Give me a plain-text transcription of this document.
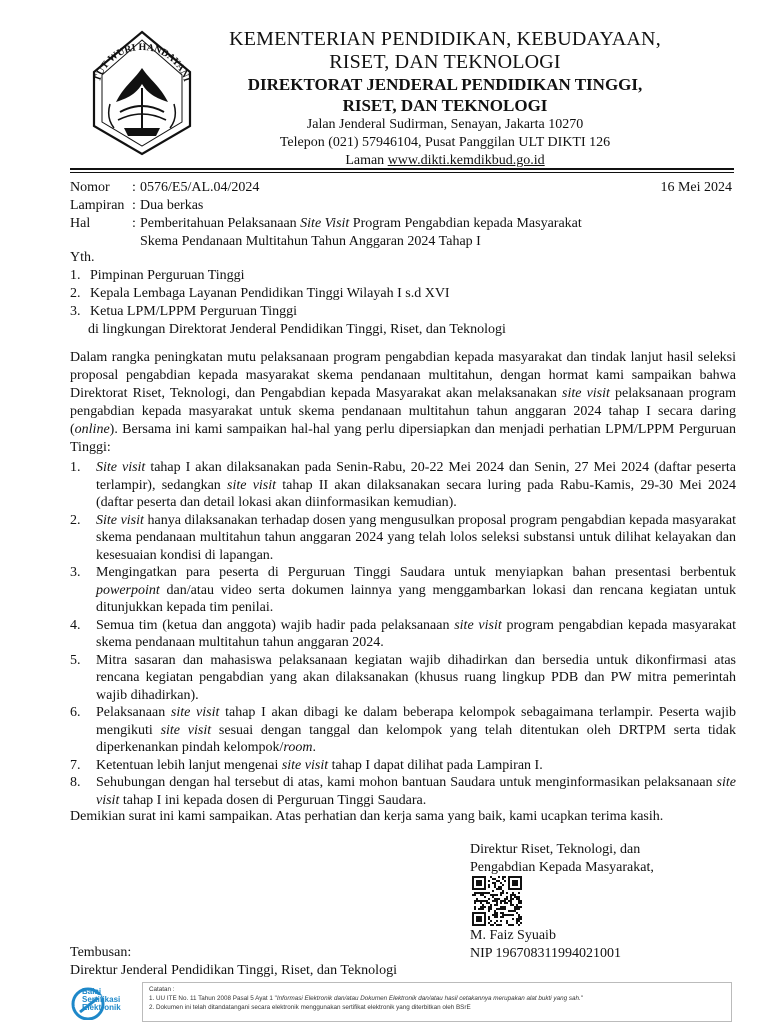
TUT WURI HANDAYANI
KEMENTERIAN PENDIDIKAN, KEBUDAYAAN,
RISET, DAN TEKNOLOGI
DIREKTORAT JENDERAL PENDIDIKAN TINGGI,
RISET, DAN TEKNOLOGI
Jalan Jenderal Sudirman, Senayan, Jakarta 10270
Telepon (021) 57946104, Pusat Panggilan ULT DIKTI 126
Laman www.dikti.kemdikbud.go.id
Nomor	: 0576/E5/AL.04/2024
Lampiran : Dua berkas
Hal	: Pemberitahuan Pelaksanaan Site Visit Program Pengabdian kepada Masyarakat
Skema Pendanaan Multitahun Tahun Anggaran 2024 Tahap I
16 Mei 2024
Yth.
1. Pimpinan Perguruan Tinggi
2. Kepala Lembaga Layanan Pendidikan Tinggi Wilayah I s.d XVI
3. Ketua LPM/LPPM Perguruan Tinggi
di lingkungan Direktorat Jenderal Pendidikan Tinggi, Riset, dan Teknologi

Dalam rangka peningkatan mutu pelaksanaan program pengabdian kepada masyarakat dan tindak lanjut hasil seleksi proposal pengabdian kepada masyarakat skema pendanaan multitahun, dengan hormat kami sampaikan bahwa Direktorat Riset, Teknologi, dan Pengabdian kepada Masyarakat akan melaksanakan site visit pelaksanaan program pengabdian kepada masyarakat untuk skema pendanaan multitahun tahun anggaran 2024 tahap I secara daring (online). Bersama ini kami sampaikan hal-hal yang perlu dipersiapkan dan menjadi perhatian LPM/LPPM Perguruan Tinggi:

1.	Site visit tahap I akan dilaksanakan pada Senin-Rabu, 20-22 Mei 2024 dan Senin, 27 Mei 2024 (daftar peserta terlampir), sedangkan site visit tahap II akan dilaksanakan secara luring pada Rabu-Kamis, 29-30 Mei 2024 (daftar peserta dan detail lokasi akan diinformasikan kemudian).
2.	Site visit hanya dilaksanakan terhadap dosen yang mengusulkan proposal program pengabdian kepada masyarakat skema pendanaan multitahun tahun anggaran 2024 yang telah lolos seleksi substansi untuk dilihat kelayakan dan kesesuaian kondisi di lapangan.
3.	Mengingatkan para peserta di Perguruan Tinggi Saudara untuk menyiapkan bahan presentasi berbentuk powerpoint dan/atau video serta dokumen lainnya yang menggambarkan lokasi dan rencana kegiatan untuk ditunjukkan kepada tim penilai.
4.	Semua tim (ketua dan anggota) wajib hadir pada pelaksanaan site visit program pengabdian kepada masyarakat skema pendanaan multitahun tahun anggaran 2024.
5.	Mitra sasaran dan mahasiswa pelaksanaan kegiatan wajib dihadirkan dan bersedia untuk dikonfirmasi atas rencana kegiatan pengabdian yang akan dilaksanakan (khusus ruang lingkup PDB dan PW mitra pemerintah wajib dihadirkan).
6.	Pelaksanaan site visit tahap I akan dibagi ke dalam beberapa kelompok sebagaimana terlampir. Peserta wajib mengikuti site visit sesuai dengan tanggal dan kelompok yang telah ditentukan oleh DRTPM serta tidak diperkenankan pindah kelompok/room.
7.	Ketentuan lebih lanjut mengenai site visit tahap I dapat dilihat pada Lampiran I.
8.	Sehubungan dengan hal tersebut di atas, kami mohon bantuan Saudara untuk menginformasikan pelaksanaan site visit tahap I ini kepada dosen di Perguruan Tinggi Saudara.
Demikian surat ini kami sampaikan. Atas perhatian dan kerja sama yang baik, kami ucapkan terima kasih.
Direktur Riset, Teknologi, dan
Pengabdian Kepada Masyarakat,
M. Faiz Syuaib
NIP 196708311994021001
Tembusan:
Direktur Jenderal Pendidikan Tinggi, Riset, dan Teknologi
Balai
Sertifikasi
Elektronik
Catatan :
1. UU ITE No. 11 Tahun 2008 Pasal 5 Ayat 1 "Informasi Elektronik dan/atau Dokumen Elektronik dan/atau hasil cetakannya merupakan alat bukti yang sah."
2. Dokumen ini telah ditandatangani secara elektronik menggunakan sertifikat elektronik yang diterbitkan oleh BSrE
